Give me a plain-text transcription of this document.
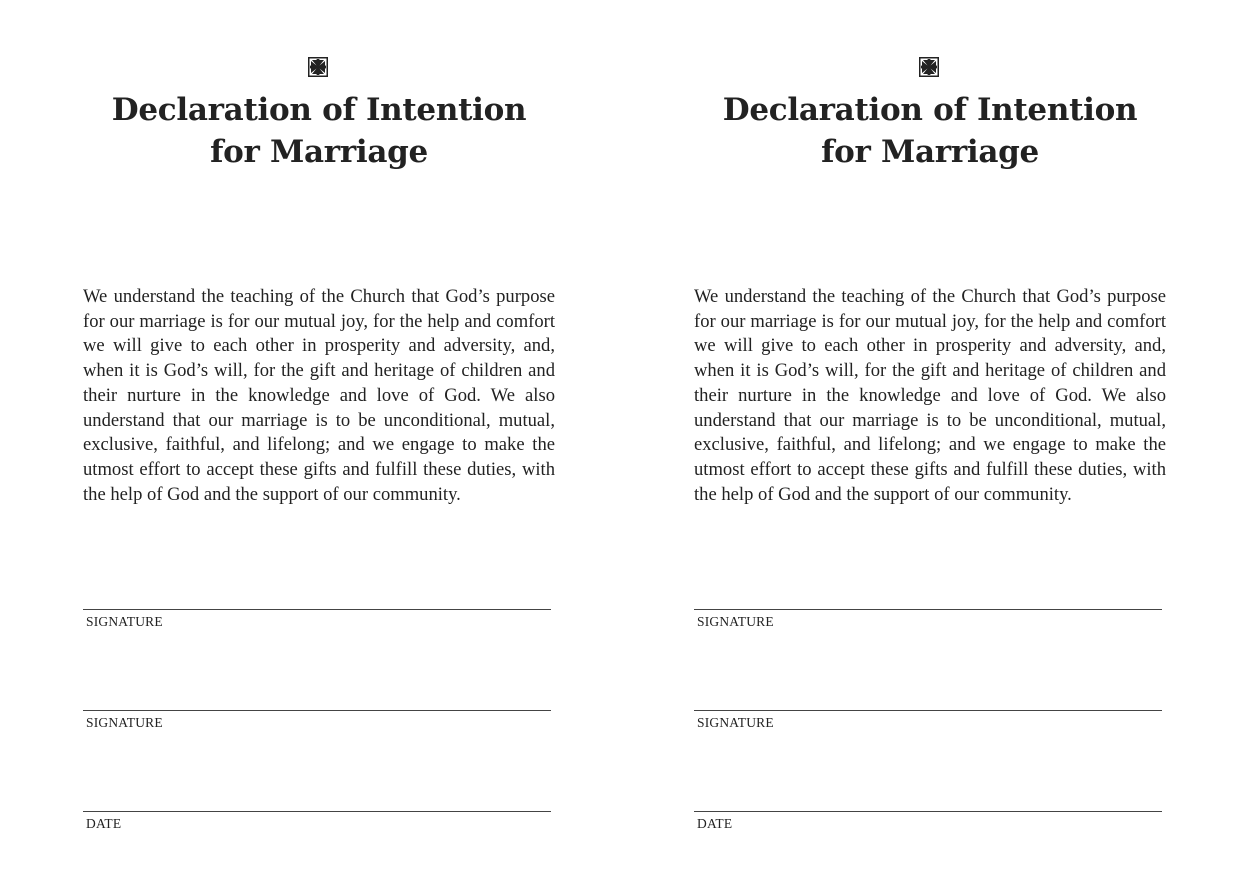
Declaration of Intention
for Marriage

We understand the teaching of the Church that God’s purpose for our marriage is for our mutual joy, for the help and comfort we will give to each other in prosperity and adversity, and, when it is God’s will, for the gift and heritage of children and their nurture in the knowledge and love of God. We also understand that our marriage is to be unconditional, mutual, exclusive, faithful, and lifelong; and we engage to make the utmost effort to accept these gifts and fulfill these duties, with the help of God and the support of our community.

SIGNATURE
SIGNATURE
DATE
Declaration of Intention
for Marriage

We understand the teaching of the Church that God’s purpose for our marriage is for our mutual joy, for the help and comfort we will give to each other in prosperity and adversity, and, when it is God’s will, for the gift and heritage of children and their nurture in the knowledge and love of God. We also understand that our marriage is to be unconditional, mutual, exclusive, faithful, and lifelong; and we engage to make the utmost effort to accept these gifts and fulfill these duties, with the help of God and the support of our community.

SIGNATURE
SIGNATURE
DATE
